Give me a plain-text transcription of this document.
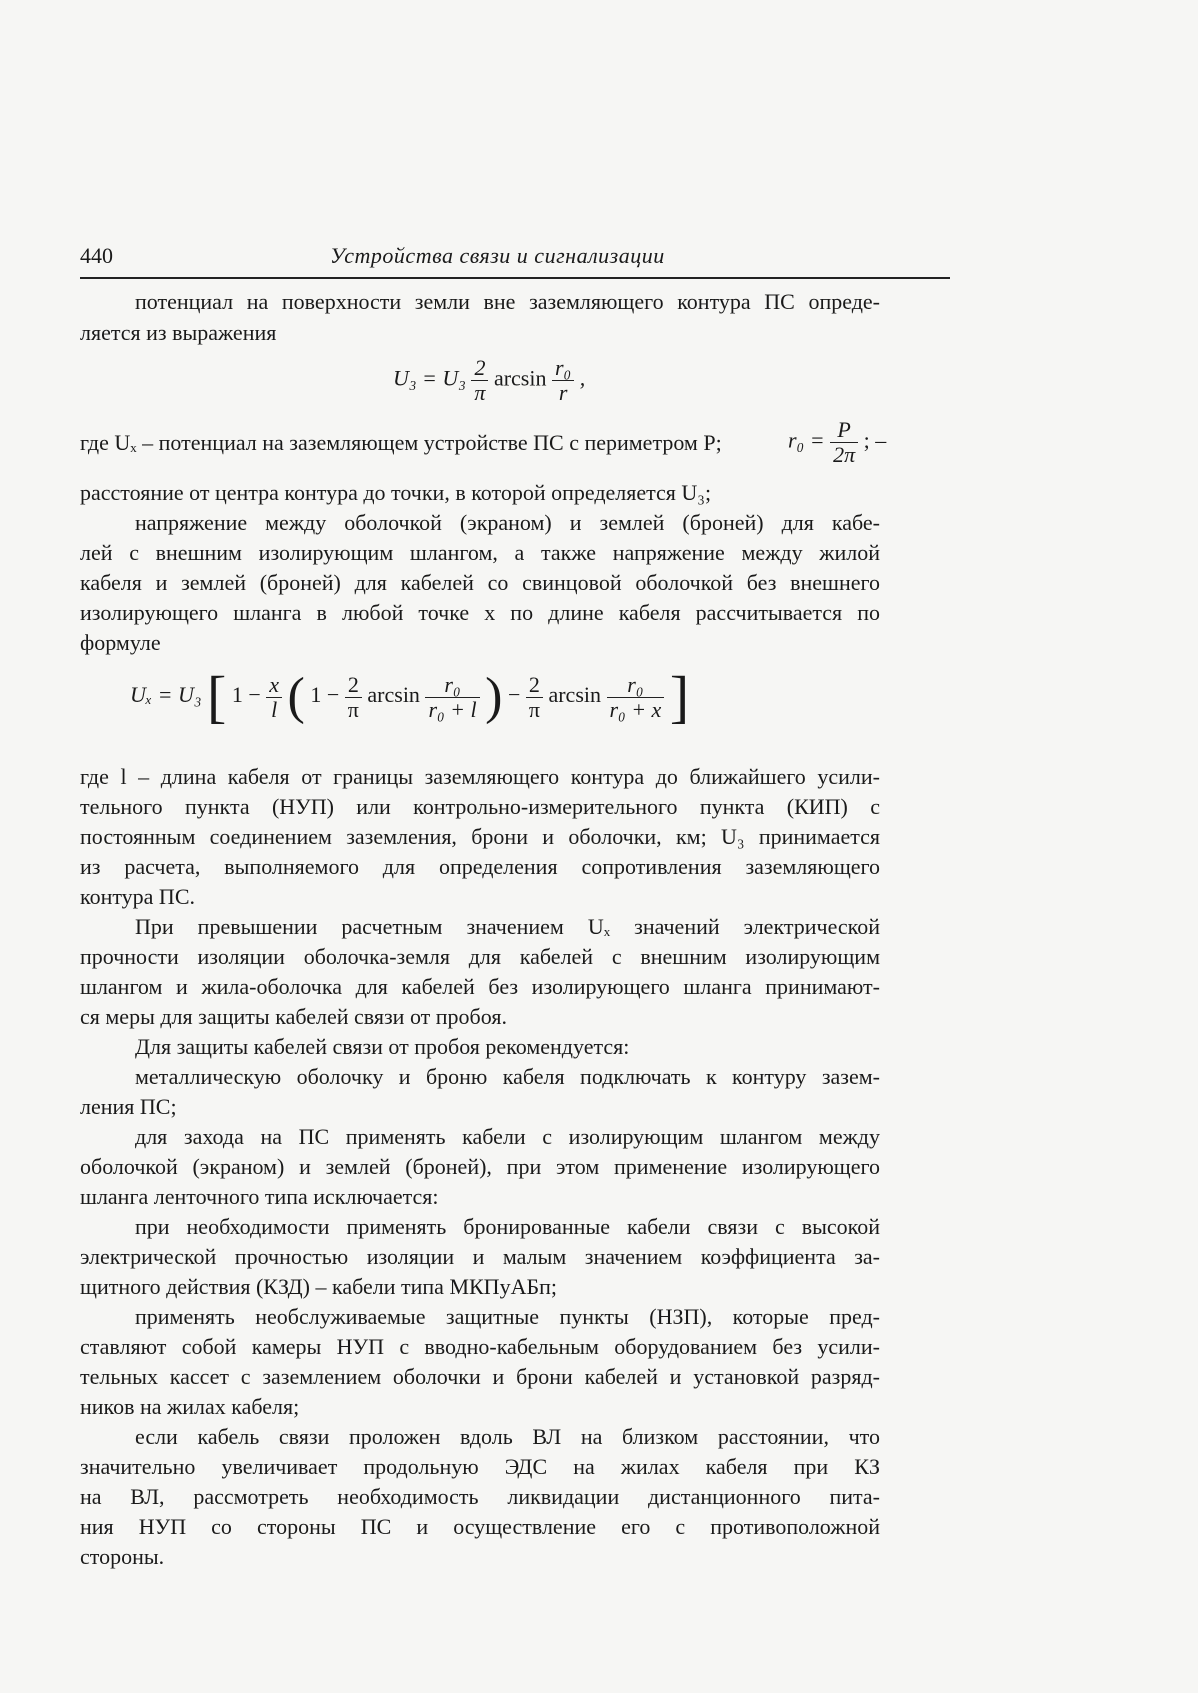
440	Устройства связи и сигнализации
потенциал на поверхности земли вне заземляющего контура ПС опреде-
ляется из выражения
$U_3 = U_3 \frac{2}{\pi}$ $\arcsin \frac{\text{r₀}}{r}$ ,
где Uₓ – потенциал на заземляющем устройстве ПС с периметром P;	$r_0 = \frac{P}{2\pi}$ ; –
расстояние от центра контура до точки, в которой определяется U₃;
напряжение между оболочкой (экраном) и землей (броней) для кабе-
лей с внешним изолирующим шлангом, а также напряжение между жилой
кабеля и землей (броней) для кабелей со свинцовой оболочкой без внешнего
изолирующего шланга в любой точке x по длине кабеля рассчитывается по
формуле
Uₓ = U₃ [ $1 - \frac{x}{l}$ ( $1 - \frac{2}{\pi}$ $\arcsin \frac{\text{r₀}}{\text{r₀ + l}}$ ) − $\frac{2}{\pi}$ $\arcsin \frac{\text{r₀}}{\text{r₀ + x}}$ ]
где l – длина кабеля от границы заземляющего контура до ближайшего усили-
тельного пункта (НУП) или контрольно-измерительного пункта (КИП) с
постоянным соединением заземления, брони и оболочки, км; U₃ принимается
из расчета, выполняемого для определения сопротивления заземляющего
контура ПС.
При превышении расчетным значением Uₓ значений электрической
прочности изоляции оболочка-земля для кабелей с внешним изолирующим
шлангом и жила-оболочка для кабелей без изолирующего шланга принимают-
ся меры для защиты кабелей связи от пробоя.
Для защиты кабелей связи от пробоя рекомендуется:
металлическую оболочку и броню кабеля подключать к контуру зазем-
ления ПС;
для захода на ПС применять кабели с изолирующим шлангом между
оболочкой (экраном) и землей (броней), при этом применение изолирующего
шланга ленточного типа исключается:
при необходимости применять бронированные кабели связи с высокой
электрической прочностью изоляции и малым значением коэффициента за-
щитного действия (КЗД) – кабели типа МКПуАБп;
применять необслуживаемые защитные пункты (НЗП), которые пред-
ставляют собой камеры НУП с вводно-кабельным оборудованием без усили-
тельных кассет с заземлением оболочки и брони кабелей и установкой разряд-
ников на жилах кабеля;
если кабель связи проложен вдоль ВЛ на близком расстоянии, что
значительно увеличивает продольную ЭДС на жилах кабеля при КЗ
на ВЛ, рассмотреть необходимость ликвидации дистанционного пита-
ния НУП со стороны ПС и осуществление его с противоположной
стороны.
